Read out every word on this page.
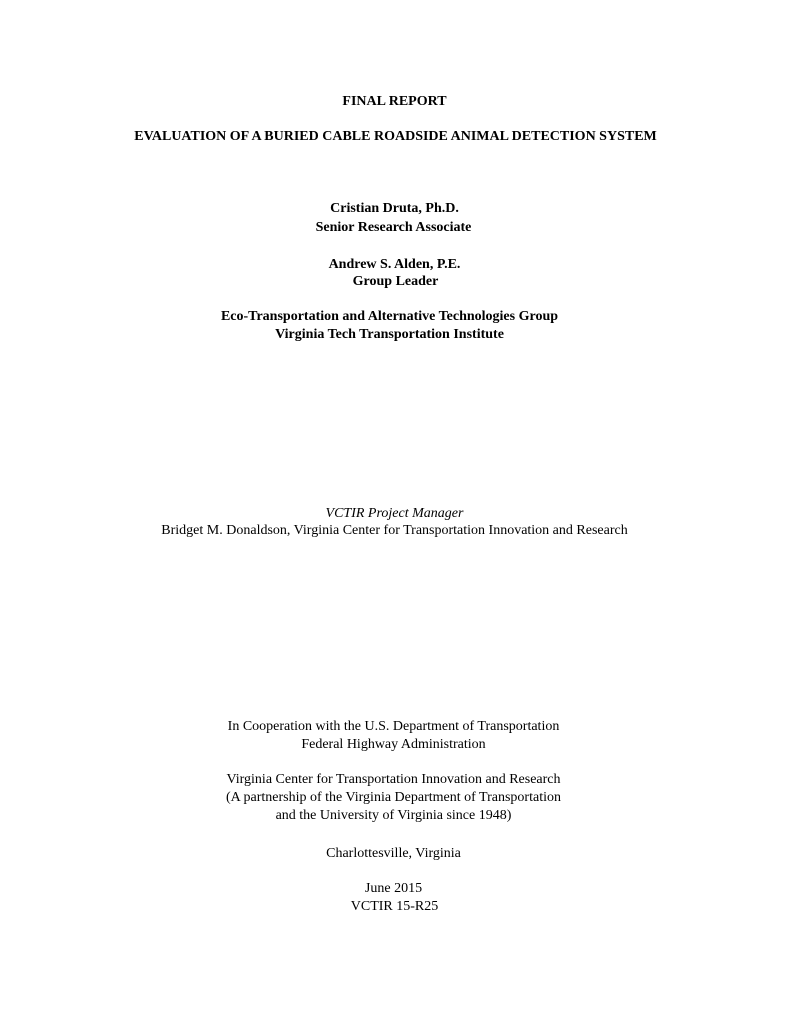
FINAL REPORT
EVALUATION OF A BURIED CABLE ROADSIDE ANIMAL DETECTION SYSTEM
Cristian Druta, Ph.D.
Senior Research Associate
Andrew S. Alden, P.E.
Group Leader
Eco-Transportation and Alternative Technologies Group
Virginia Tech Transportation Institute
VCTIR Project Manager
Bridget M. Donaldson, Virginia Center for Transportation Innovation and Research
In Cooperation with the U.S. Department of Transportation
Federal Highway Administration
Virginia Center for Transportation Innovation and Research
(A partnership of the Virginia Department of Transportation
and the University of Virginia since 1948)
Charlottesville, Virginia
June 2015
VCTIR 15-R25
